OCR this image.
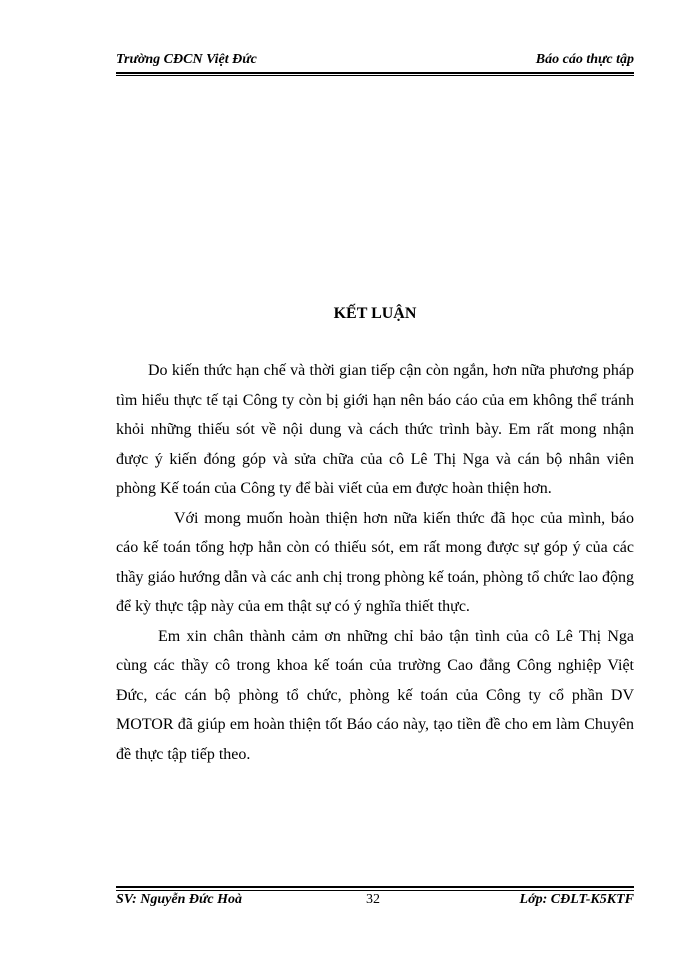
Trường CĐCN Việt Đức	Báo cáo thực tập
KẾT LUẬN

Do kiến thức hạn chế và thời gian tiếp cận còn ngắn, hơn nữa phương pháp tìm hiểu thực tế tại Công ty còn bị giới hạn nên báo cáo của em không thể tránh khỏi những thiếu sót về nội dung và cách thức trình bày. Em rất mong nhận được ý kiến đóng góp và sửa chữa của cô Lê Thị Nga và cán bộ nhân viên phòng Kế toán của Công ty để bài viết của em được hoàn thiện hơn.

Với mong muốn hoàn thiện hơn nữa kiến thức đã học của mình, báo cáo kế toán tổng hợp hẳn còn có thiếu sót, em rất mong được sự góp ý của các thầy giáo hướng dẫn và các anh chị trong phòng kế toán, phòng tổ chức lao động để kỳ thực tập này của em thật sự có ý nghĩa thiết thực.

Em xin chân thành cảm ơn những chỉ bảo tận tình của cô Lê Thị Nga cùng các thầy cô trong khoa kế toán của trường Cao đẳng Công nghiệp Việt Đức, các cán bộ phòng tổ chức, phòng kế toán của Công ty cổ phần DV MOTOR đã giúp em hoàn thiện tốt Báo cáo này, tạo tiền đề cho em làm Chuyên đề thực tập tiếp theo.

SV: Nguyễn Đức Hoà	32	Lớp: CĐLT-K5KTF
